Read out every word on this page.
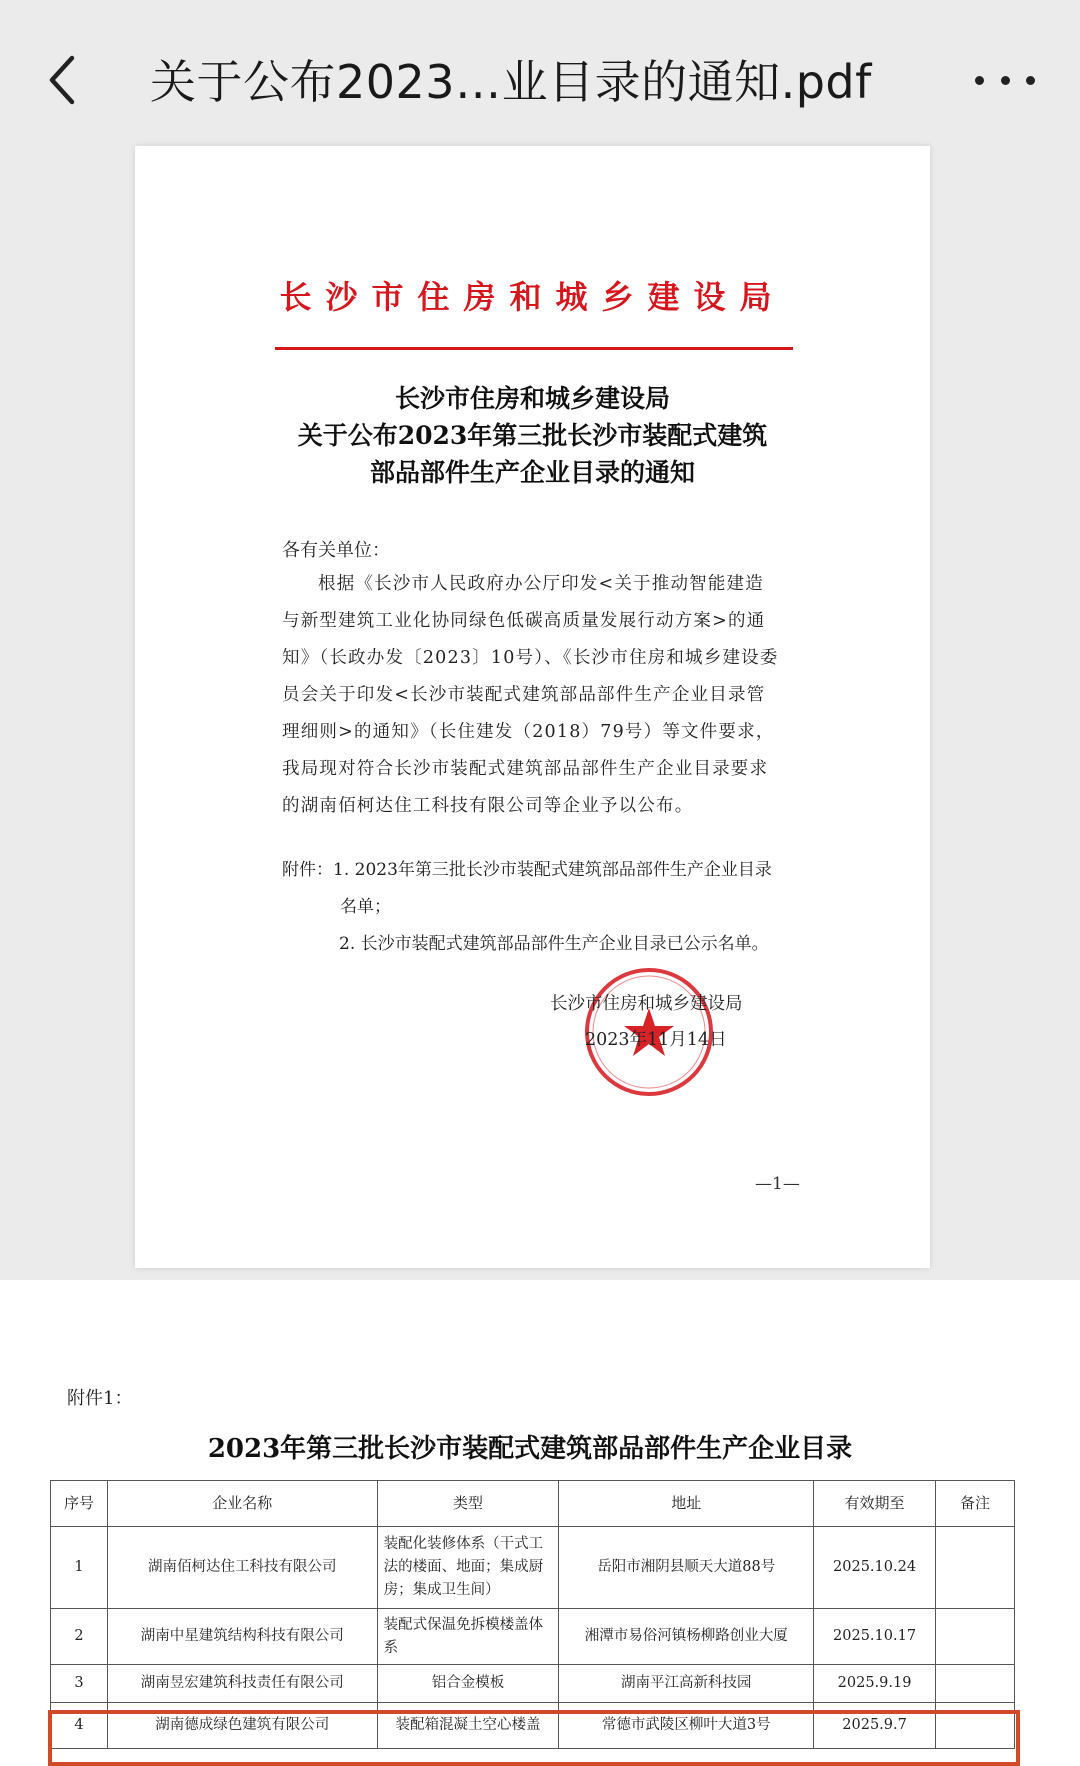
关于公布2023…业目录的通知.pdf
长沙市住房和城乡建设局
长沙市住房和城乡建设局
关于公布2023年第三批长沙市装配式建筑
部品部件生产企业目录的通知
各有关单位：
根据《长沙市人民政府办公厅印发<关于推动智能建造与新型建筑工业化协同绿色低碳高质量发展行动方案>的通知》（长政办发〔2023〕10号）、《长沙市住房和城乡建设委员会关于印发<长沙市装配式建筑部品部件生产企业目录管理细则>的通知》（长住建发（2018）79号）等文件要求，我局现对符合长沙市装配式建筑部品部件生产企业目录要求的湖南佰柯达住工科技有限公司等企业予以公布。
附件：1. 2023年第三批长沙市装配式建筑部品部件生产企业目录名单；
2. 长沙市装配式建筑部品部件生产企业目录已公示名单。
长沙市住房和城乡建设局
2023年11月14日
—1—
附件1：
2023年第三批长沙市装配式建筑部品部件生产企业目录
序号	企业名称	类型	地址	有效期至	备注
1	湖南佰柯达住工科技有限公司	装配化装修体系（干式工法的楼面、地面；集成厨房；集成卫生间）	岳阳市湘阴县顺天大道88号	2025.10.24	
2	湖南中星建筑结构科技有限公司	装配式保温免拆模楼盖体系	湘潭市易俗河镇杨柳路创业大厦	2025.10.17	
3	湖南昱宏建筑科技责任有限公司	铝合金模板	湖南平江高新科技园	2025.9.19	
4	湖南德成绿色建筑有限公司	装配箱混凝土空心楼盖	常德市武陵区柳叶大道3号	2025.9.7	
